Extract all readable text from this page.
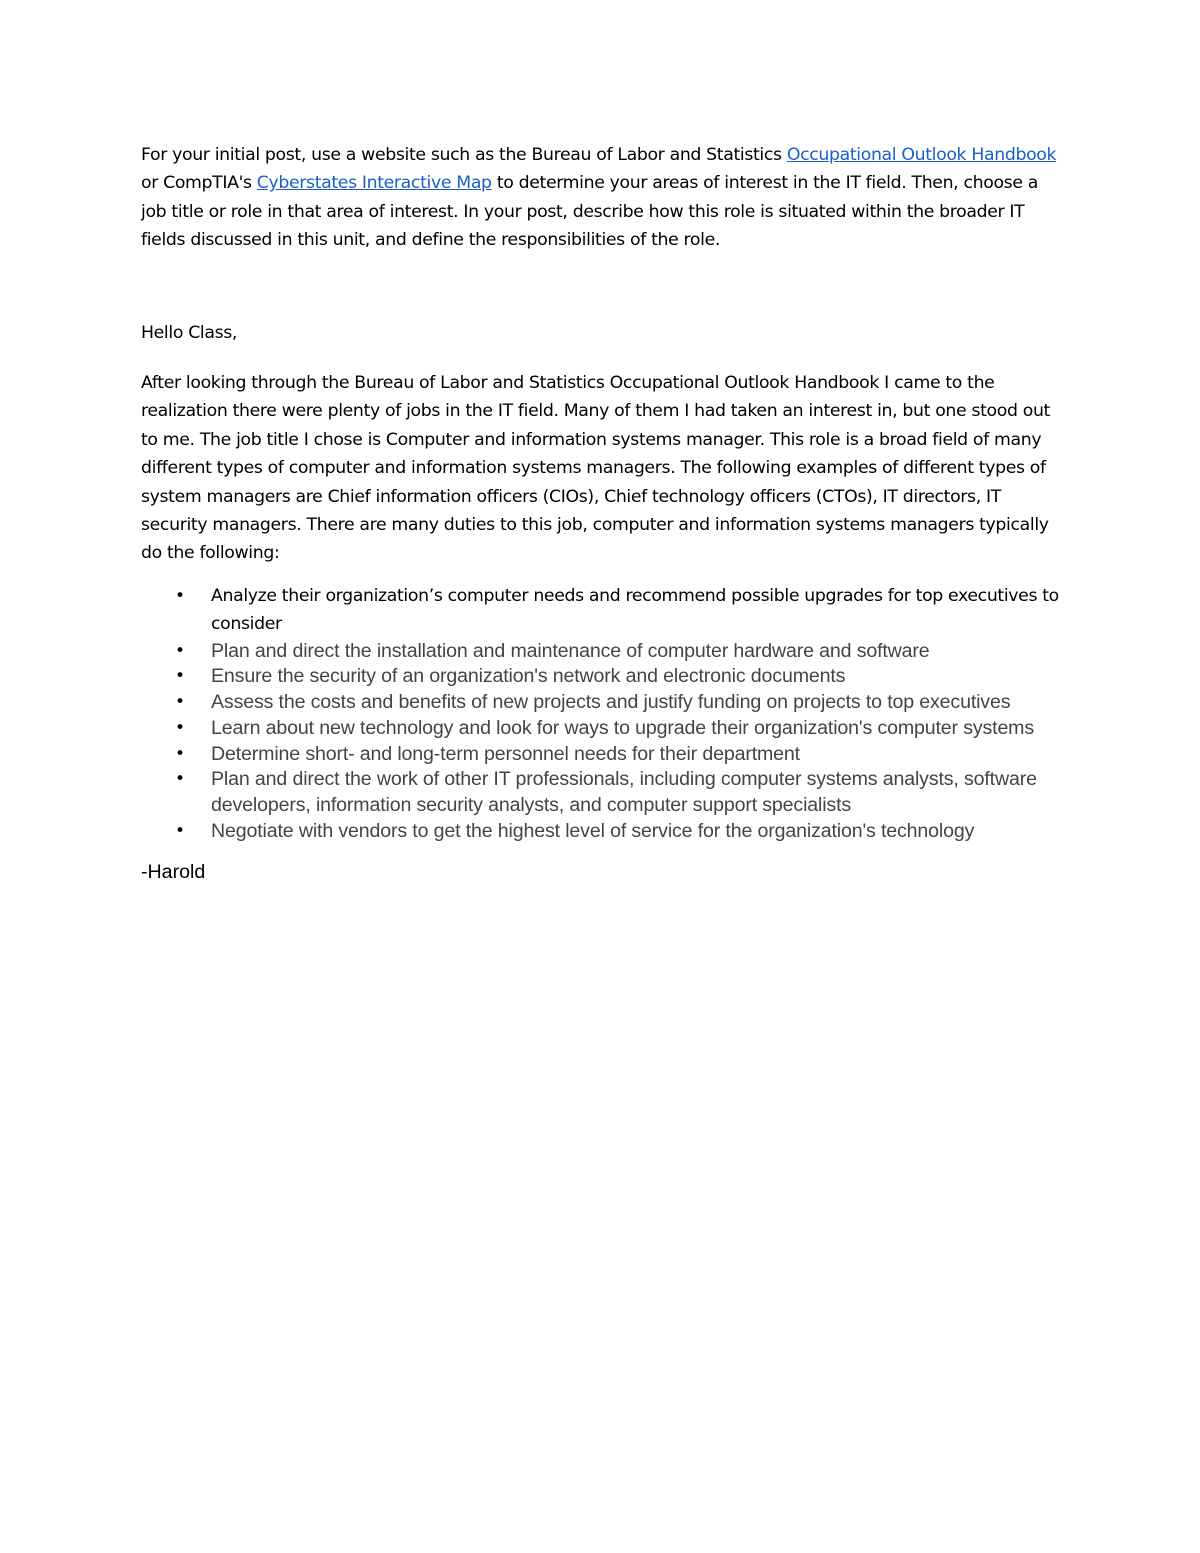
For your initial post, use a website such as the Bureau of Labor and Statistics Occupational Outlook Handbook or CompTIA's Cyberstates Interactive Map to determine your areas of interest in the IT field. Then, choose a job title or role in that area of interest. In your post, describe how this role is situated within the broader IT fields discussed in this unit, and define the responsibilities of the role.

Hello Class,

After looking through the Bureau of Labor and Statistics Occupational Outlook Handbook I came to the realization there were plenty of jobs in the IT field. Many of them I had taken an interest in, but one stood out to me. The job title I chose is Computer and information systems manager. This role is a broad field of many different types of computer and information systems managers. The following examples of different types of system managers are Chief information officers (CIOs), Chief technology officers (CTOs), IT directors, IT security managers. There are many duties to this job, computer and information systems managers typically do the following:

• Analyze their organization’s computer needs and recommend possible upgrades for top executives to consider
• Plan and direct the installation and maintenance of computer hardware and software
• Ensure the security of an organization's network and electronic documents
• Assess the costs and benefits of new projects and justify funding on projects to top executives
• Learn about new technology and look for ways to upgrade their organization's computer systems
• Determine short- and long-term personnel needs for their department
• Plan and direct the work of other IT professionals, including computer systems analysts, software developers, information security analysts, and computer support specialists
• Negotiate with vendors to get the highest level of service for the organization's technology

-Harold
